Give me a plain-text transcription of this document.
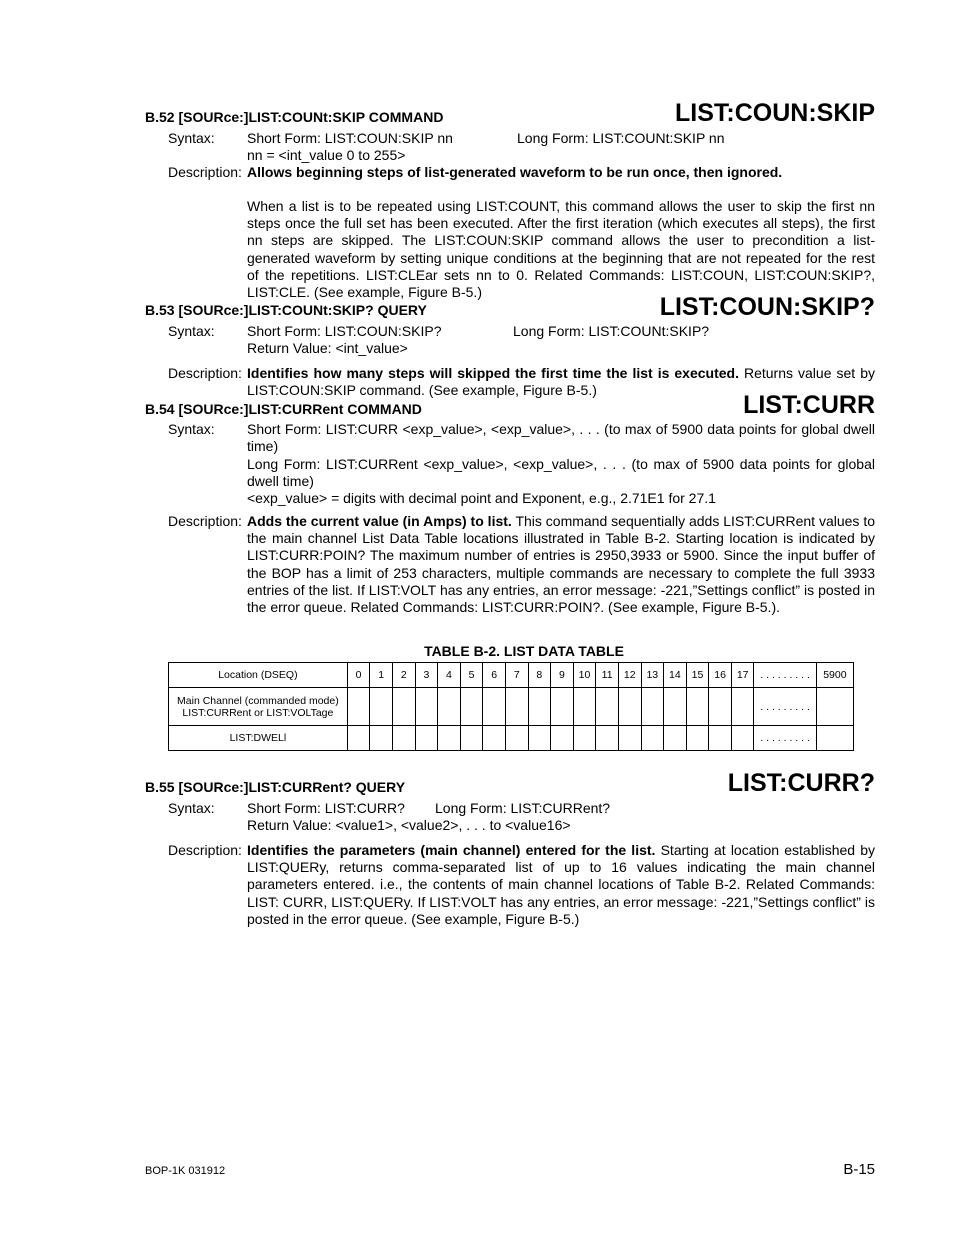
B.52 [SOURce:]LIST:COUNt:SKIP COMMAND	LIST:COUN:SKIP
Syntax: Short Form: LIST:COUN:SKIP nn	Long Form: LIST:COUNt:SKIP nn
nn = <int_value 0 to 255>
Description: Allows beginning steps of list-generated waveform to be run once, then ignored.
When a list is to be repeated using LIST:COUNT, this command allows the user to skip the first nn steps once the full set has been executed. After the first iteration (which executes all steps), the first nn steps are skipped. The LIST:COUN:SKIP command allows the user to precondition a list-generated waveform by setting unique conditions at the beginning that are not repeated for the rest of the repetitions. LIST:CLEar sets nn to 0. Related Commands: LIST:COUN, LIST:COUN:SKIP?, LIST:CLE. (See example, Figure B-5.)
B.53 [SOURce:]LIST:COUNt:SKIP? QUERY	LIST:COUN:SKIP?
Syntax: Short Form: LIST:COUN:SKIP?	Long Form: LIST:COUNt:SKIP?
Return Value: <int_value>
Description: Identifies how many steps will skipped the first time the list is executed. Returns value set by LIST:COUN:SKIP command. (See example, Figure B-5.)
B.54 [SOURce:]LIST:CURRent COMMAND	LIST:CURR
Syntax: Short Form: LIST:CURR <exp_value>, <exp_value>, . . . (to max of 5900 data points for global dwell time)
Long Form: LIST:CURRent <exp_value>, <exp_value>, . . . (to max of 5900 data points for global dwell time)
<exp_value> = digits with decimal point and Exponent, e.g., 2.71E1 for 27.1
Description: Adds the current value (in Amps) to list. This command sequentially adds LIST:CURRent values to the main channel List Data Table locations illustrated in Table B-2. Starting location is indicated by LIST:CURR:POIN? The maximum number of entries is 2950,3933 or 5900. Since the input buffer of the BOP has a limit of 253 characters, multiple commands are necessary to complete the full 3933 entries of the list. If LIST:VOLT has any entries, an error message: -221,”Settings conflict” is posted in the error queue. Related Commands: LIST:CURR:POIN?. (See example, Figure B-5.).
TABLE B-2. LIST DATA TABLE
Location (DSEQ)	0	1	2	3	4	5	6	7	8	9	10	11	12	13	14	15	16	17	. . . . . . . . .	5900

Main Channel (commanded mode)
LIST:CURRent or LIST:VOLTage																			. . . . . . . . .	
LIST:DWELl																			. . . . . . . . .	
B.55 [SOURce:]LIST:CURRent? QUERY	LIST:CURR?
Syntax: Short Form: LIST:CURR? Long Form: LIST:CURRent?
Return Value: <value1>, <value2>, . . . to <value16>
Description: Identifies the parameters (main channel) entered for the list. Starting at location established by LIST:QUERy, returns comma-separated list of up to 16 values indicating the main channel parameters entered. i.e., the contents of main channel locations of Table B-2. Related Commands: LIST: CURR, LIST:QUERy. If LIST:VOLT has any entries, an error message: -221,”Settings conflict” is posted in the error queue. (See example, Figure B-5.)
BOP-1K 031912	B-15
